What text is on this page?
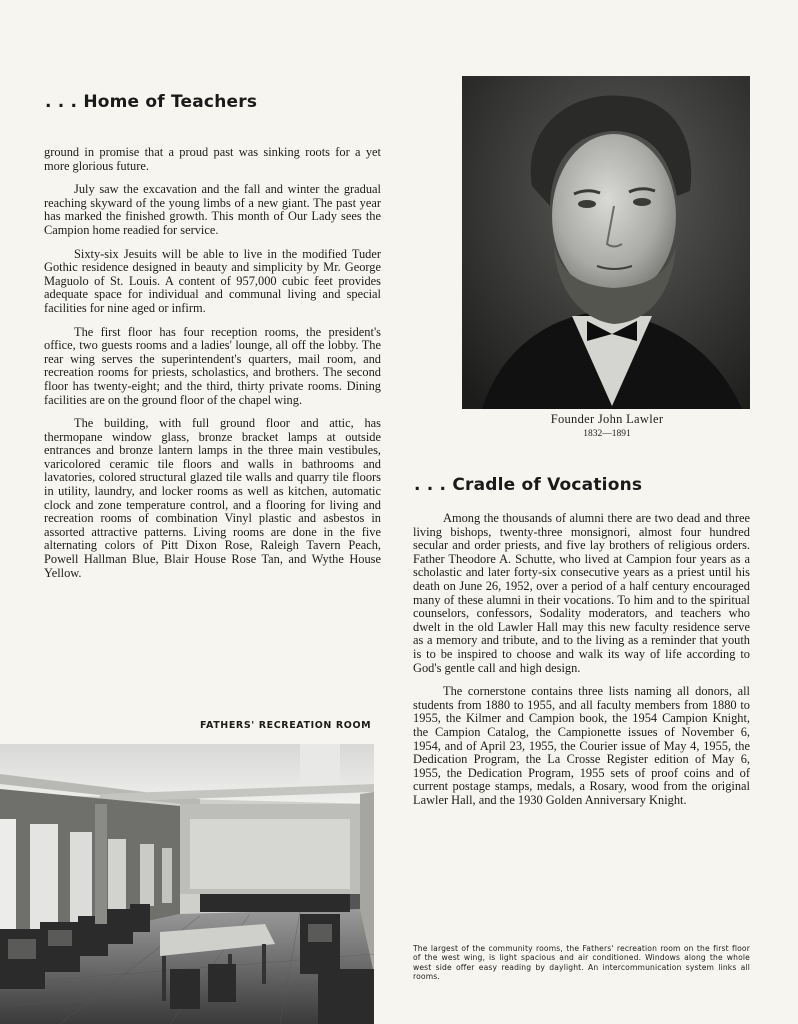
. . . Home of Teachers

ground in promise that a proud past was sinking roots for a yet more glorious future.

July saw the excavation and the fall and winter the gradual reaching skyward of the young limbs of a new giant. The past year has marked the finished growth. This month of Our Lady sees the Campion home readied for service.

Sixty-six Jesuits will be able to live in the modified Tuder Gothic residence designed in beauty and simplicity by Mr. George Maguolo of St. Louis. A content of 957,000 cubic feet provides adequate space for individual and communal living and special facilities for nine aged or infirm.

The first floor has four reception rooms, the president's office, two guests rooms and a ladies' lounge, all off the lobby. The rear wing serves the superintendent's quarters, mail room, and recreation rooms for priests, scholastics, and brothers. The second floor has twenty-eight; and the third, thirty private rooms. Dining facilities are on the ground floor of the chapel wing.

The building, with full ground floor and attic, has thermopane window glass, bronze bracket lamps at outside entrances and bronze lantern lamps in the three main vestibules, varicolored ceramic tile floors and walls in bathrooms and lavatories, colored structural glazed tile walls and quarry tile floors in utility, laundry, and locker rooms as well as kitchen, automatic clock and zone temperature control, and a flooring for living and recreation rooms of combination Vinyl plastic and asbestos in assorted attractive patterns. Living rooms are done in the five alternating colors of Pitt Dixon Rose, Raleigh Tavern Peach, Powell Hallman Blue, Blair House Rose Tan, and Wythe House Yellow.

FATHERS' RECREATION ROOM
Founder John Lawler
1832—1891
. . . Cradle of Vocations

Among the thousands of alumni there are two dead and three living bishops, twenty-three monsignori, almost four hundred secular and order priests, and five lay brothers of religious orders. Father Theodore A. Schutte, who lived at Campion four years as a scholastic and later forty-six consecutive years as a priest until his death on June 26, 1952, over a period of a half century encouraged many of these alumni in their vocations. To him and to the spiritual counselors, confessors, Sodality moderators, and teachers who dwelt in the old Lawler Hall may this new faculty residence serve as a memory and tribute, and to the living as a reminder that youth is to be inspired to choose and walk its way of life according to God's gentle call and high design.

The cornerstone contains three lists naming all donors, all students from 1880 to 1955, and all faculty members from 1880 to 1955, the Kilmer and Campion book, the 1954 Campion Knight, the Campion Catalog, the Campionette issues of November 6, 1954, and of April 23, 1955, the Courier issue of May 4, 1955, the Dedication Program, the La Crosse Register edition of May 6, 1955, the Dedication Program, 1955 sets of proof coins and of current postage stamps, medals, a Rosary, wood from the original Lawler Hall, and the 1930 Golden Anniversary Knight.

The largest of the community rooms, the Fathers' recreation room on the first floor of the west wing, is light spacious and air conditioned. Windows along the whole west side offer easy reading by daylight. An intercommunication system links all rooms.
